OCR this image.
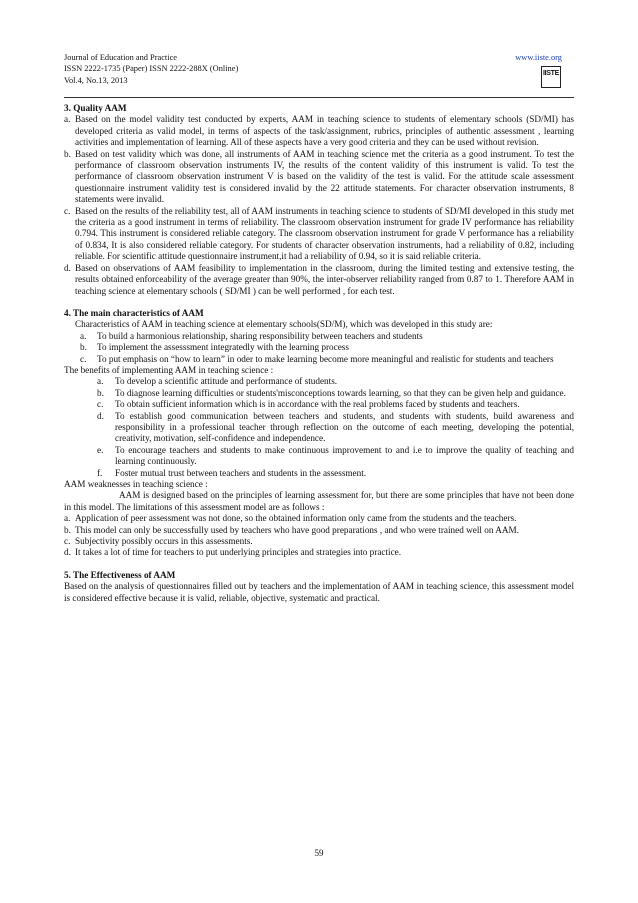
Journal of Education and Practice
ISSN 2222-1735 (Paper) ISSN 2222-288X (Online)
Vol.4, No.13, 2013
www.iiste.org
IISTE
3. Quality AAM
a. Based on the model validity test conducted by experts, AAM in teaching science to students of elementary schools (SD/MI) has developed criteria as valid model, in terms of aspects of the task/assignment, rubrics, principles of authentic assessment , learning activities and implementation of learning. All of these aspects have a very good criteria and they can be used without revision.
b. Based on test validity which was done, all instruments of AAM in teaching science met the criteria as a good instrument. To test the performance of classroom observation instruments IV, the results of the content validity of this instrument is valid. To test the performance of classroom observation instrument V is based on the validity of the test is valid. For the attitude scale assessment questionnaire instrument validity test is considered invalid by the 22 attitude statements. For character observation instruments, 8 statements were invalid.
c. Based on the results of the reliability test, all of AAM instruments in teaching science to students of SD/MI developed in this study met the criteria as a good instrument in terms of reliability. The classroom observation instrument for grade IV performance has reliability 0.794. This instrument is considered reliable category. The classroom observation instrument for grade V performance has a reliability of 0.834, It is also considered reliable category. For students of character observation instruments, had a reliability of 0.82, including reliable. For scientific attitude questionnaire instrument,it had a reliability of 0.94, so it is said reliable criteria.
d. Based on observations of AAM feasibility to implementation in the classroom, during the limited testing and extensive testing, the results obtained enforceability of the average greater than 90%, the inter-observer reliability ranged from 0.87 to 1. Therefore AAM in teaching science at elementary schools ( SD/MI ) can be well performed , for each test.
4. The main characteristics of AAM

Characteristics of AAM in teaching science at elementary schools(SD/M), which was developed in this study are:

a. To build a harmonious relationship, sharing responsibility between teachers and students
b. To implement the assesssment integratedly with the learning process
c. To put emphasis on “how to learn” in oder to make learning become more meaningful and realistic for students and teachers

The benefits of implementing AAM in teaching science :

a. To develop a scientific attitude and performance of students.
b. To diagnose learning difficulties or students'misconceptions towards learning, so that they can be given help and guidance.
c. To obtain sufficient information which is in accordance with the real problems faced by students and teachers.
d. To establish good communication between teachers and students, and students with students, build awareness and responsibility in a professional teacher through reflection on the outcome of each meeting, developing the potential, creativity, motivation, self-confidence and independence.
e. To encourage teachers and students to make continuous improvement to and i.e to improve the quality of teaching and learning continuously.
f. Foster mutual trust between teachers and students in the assessment.

AAM weaknesses in teaching science :

AAM is designed based on the principles of learning assessment for, but there are some principles that have not been done in this model. The limitations of this assessment model are as follows :

a. Application of peer assessment was not done, so the obtained information only came from the students and the teachers.
b. This model can only be successfully used by teachers who have good preparations , and who were trained well on AAM.
c. Subjectivity possibly occurs in this assessments.
d. It takes a lot of time for teachers to put underlying principles and strategies into practice.
5. The Effectiveness of AAM

Based on the analysis of questionnaires filled out by teachers and the implementation of AAM in teaching science, this assessment model is considered effective because it is valid, reliable, objective, systematic and practical.

59
